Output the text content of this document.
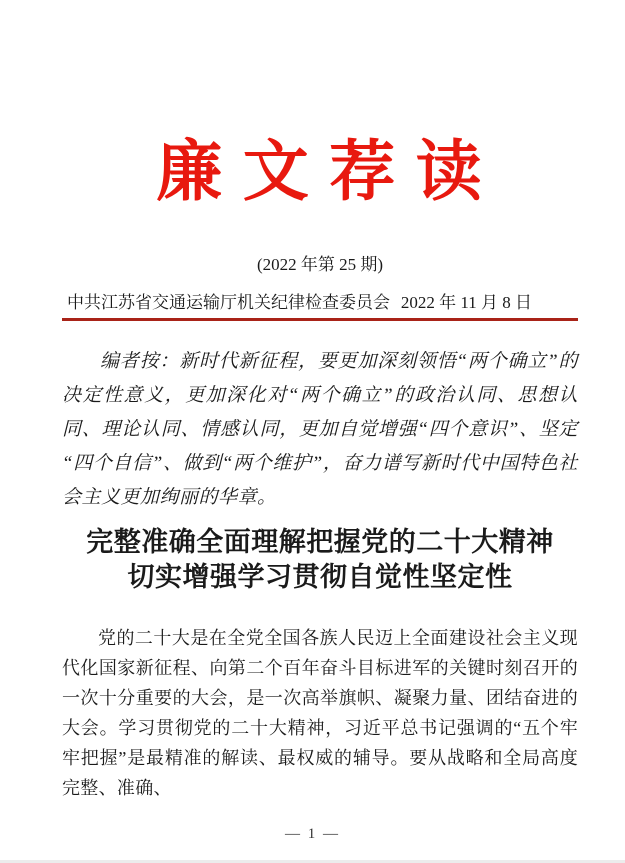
廉 文 荐 读
(2022 年第 25 期)
中共江苏省交通运输厅机关纪律检查委员会 2022 年 11 月 8 日

编者按：新时代新征程，要更加深刻领悟“两个确立”的决定性意义，更加深化对“两个确立”的政治认同、思想认同、理论认同、情感认同，更加自觉增强“四个意识”、坚定“四个自信”、做到“两个维护”，奋力谱写新时代中国特色社会主义更加绚丽的华章。

完整准确全面理解把握党的二十大精神
切实增强学习贯彻自觉性坚定性

党的二十大是在全党全国各族人民迈上全面建设社会主义现代化国家新征程、向第二个百年奋斗目标进军的关键时刻召开的一次十分重要的大会，是一次高举旗帜、凝聚力量、团结奋进的大会。学习贯彻党的二十大精神，习近平总书记强调的“五个牢牢把握”是最精准的解读、最权威的辅导。要从战略和全局高度完整、准确、

— 1 —
